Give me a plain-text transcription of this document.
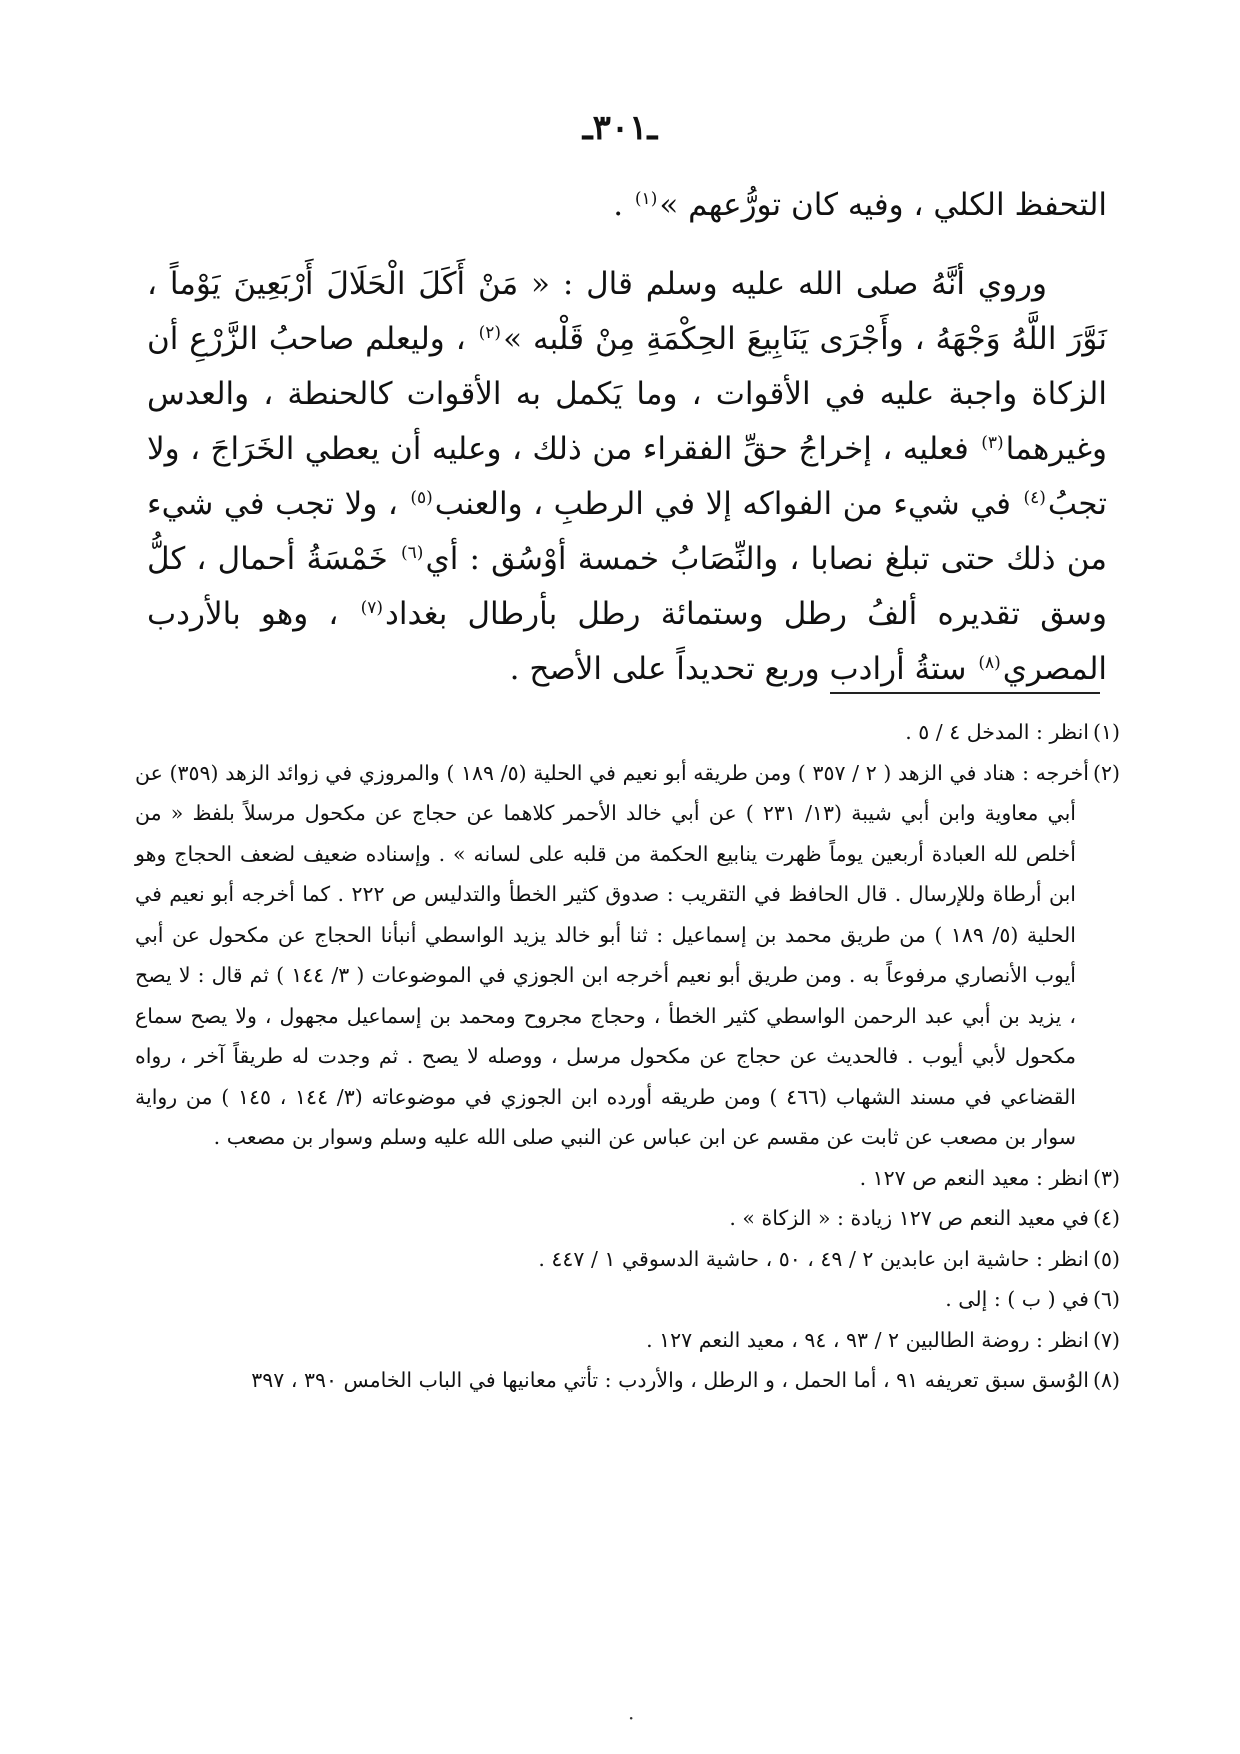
ـ٣٠١ـ

التحفظ الكلي ، وفيه كان تورُّعهم »$^{(١)}$ .

وروي أنَّهُ صلى الله عليه وسلم قال : « مَنْ أَكَلَ الْحَلَالَ أَرْبَعِينَ يَوْماً ، نَوَّرَ اللَّهُ وَجْهَهُ ، وأَجْرَى يَنَابِيعَ الحِكْمَةِ مِنْ قَلْبه »$^{(٢)}$ ، وليعلم صاحبُ الزَّرْعِ أن الزكاة واجبة عليه في الأقوات ، وما يَكمل به الأقوات كالحنطة ، والعدس وغيرهما$^{(٣)}$ فعليه ، إخراجُ حقِّ الفقراء من ذلك ، وعليه أن يعطي الخَرَاجَ ، ولا تجبُ$^{(٤)}$ في شيء من الفواكه إلا في الرطبِ ، والعنب$^{(٥)}$ ، ولا تجب في شيء من ذلك حتى تبلغ نصابا ، والنِّصَابُ خمسة أوْسُق : أي$^{(٦)}$ خَمْسَةُ أحمال ، كلُّ وسق تقديره ألفُ رطل وستمائة رطل بأرطال بغداد$^{(٧)}$ ، وهو بالأردب المصري$^{(٨)}$ ستةُ أرادب وربع تحديداً على الأصح .

(١)انظر : المدخل ٤ / ٥ .
(٢)أخرجه : هناد في الزهد ( ٢ / ٣٥٧ ) ومن طريقه أبو نعيم في الحلية (٥/ ١٨٩ ) والمروزي في زوائد الزهد (٣٥٩) عن أبي معاوية وابن أبي شيبة (١٣/ ٢٣١ ) عن أبي خالد الأحمر كلاهما عن حجاج عن مكحول مرسلاً بلفظ « من أخلص لله العبادة أربعين يوماً ظهرت ينابيع الحكمة من قلبه على لسانه » . وإسناده ضعيف لضعف الحجاج وهو ابن أرطاة وللإرسال . قال الحافظ في التقريب : صدوق كثير الخطأ والتدليس ص ٢٢٢ . كما أخرجه أبو نعيم في الحلية (٥/ ١٨٩ ) من طريق محمد بن إسماعيل : ثنا أبو خالد يزيد الواسطي أنبأنا الحجاج عن مكحول عن أبي أيوب الأنصاري مرفوعاً به . ومن طريق أبو نعيم أخرجه ابن الجوزي في الموضوعات ( ٣/ ١٤٤ ) ثم قال : لا يصح ، يزيد بن أبي عبد الرحمن الواسطي كثير الخطأ ، وحجاج مجروح ومحمد بن إسماعيل مجهول ، ولا يصح سماع مكحول لأبي أيوب . فالحديث عن حجاج عن مكحول مرسل ، ووصله لا يصح . ثم وجدت له طريقاً آخر ، رواه القضاعي في مسند الشهاب (٤٦٦ ) ومن طريقه أورده ابن الجوزي في موضوعاته (٣/ ١٤٤ ، ١٤٥ ) من رواية سوار بن مصعب عن ثابت عن مقسم عن ابن عباس عن النبي صلى الله عليه وسلم وسوار بن مصعب .
(٣)انظر : معيد النعم ص ١٢٧ .
(٤)في معيد النعم ص ١٢٧ زيادة : « الزكاة » .
(٥)انظر : حاشية ابن عابدين ٢ / ٤٩ ، ٥٠ ، حاشية الدسوقي ١ / ٤٤٧ .
(٦)في ( ب ) : إلى .
(٧)انظر : روضة الطالبين ٢ / ٩٣ ، ٩٤ ، معيد النعم ١٢٧ .
(٨)الوُسق سبق تعريفه ٩١ ، أما الحمل ، و الرطل ، والأردب : تأتي معانيها في الباب الخامس ٣٩٠ ، ٣٩٧
·
